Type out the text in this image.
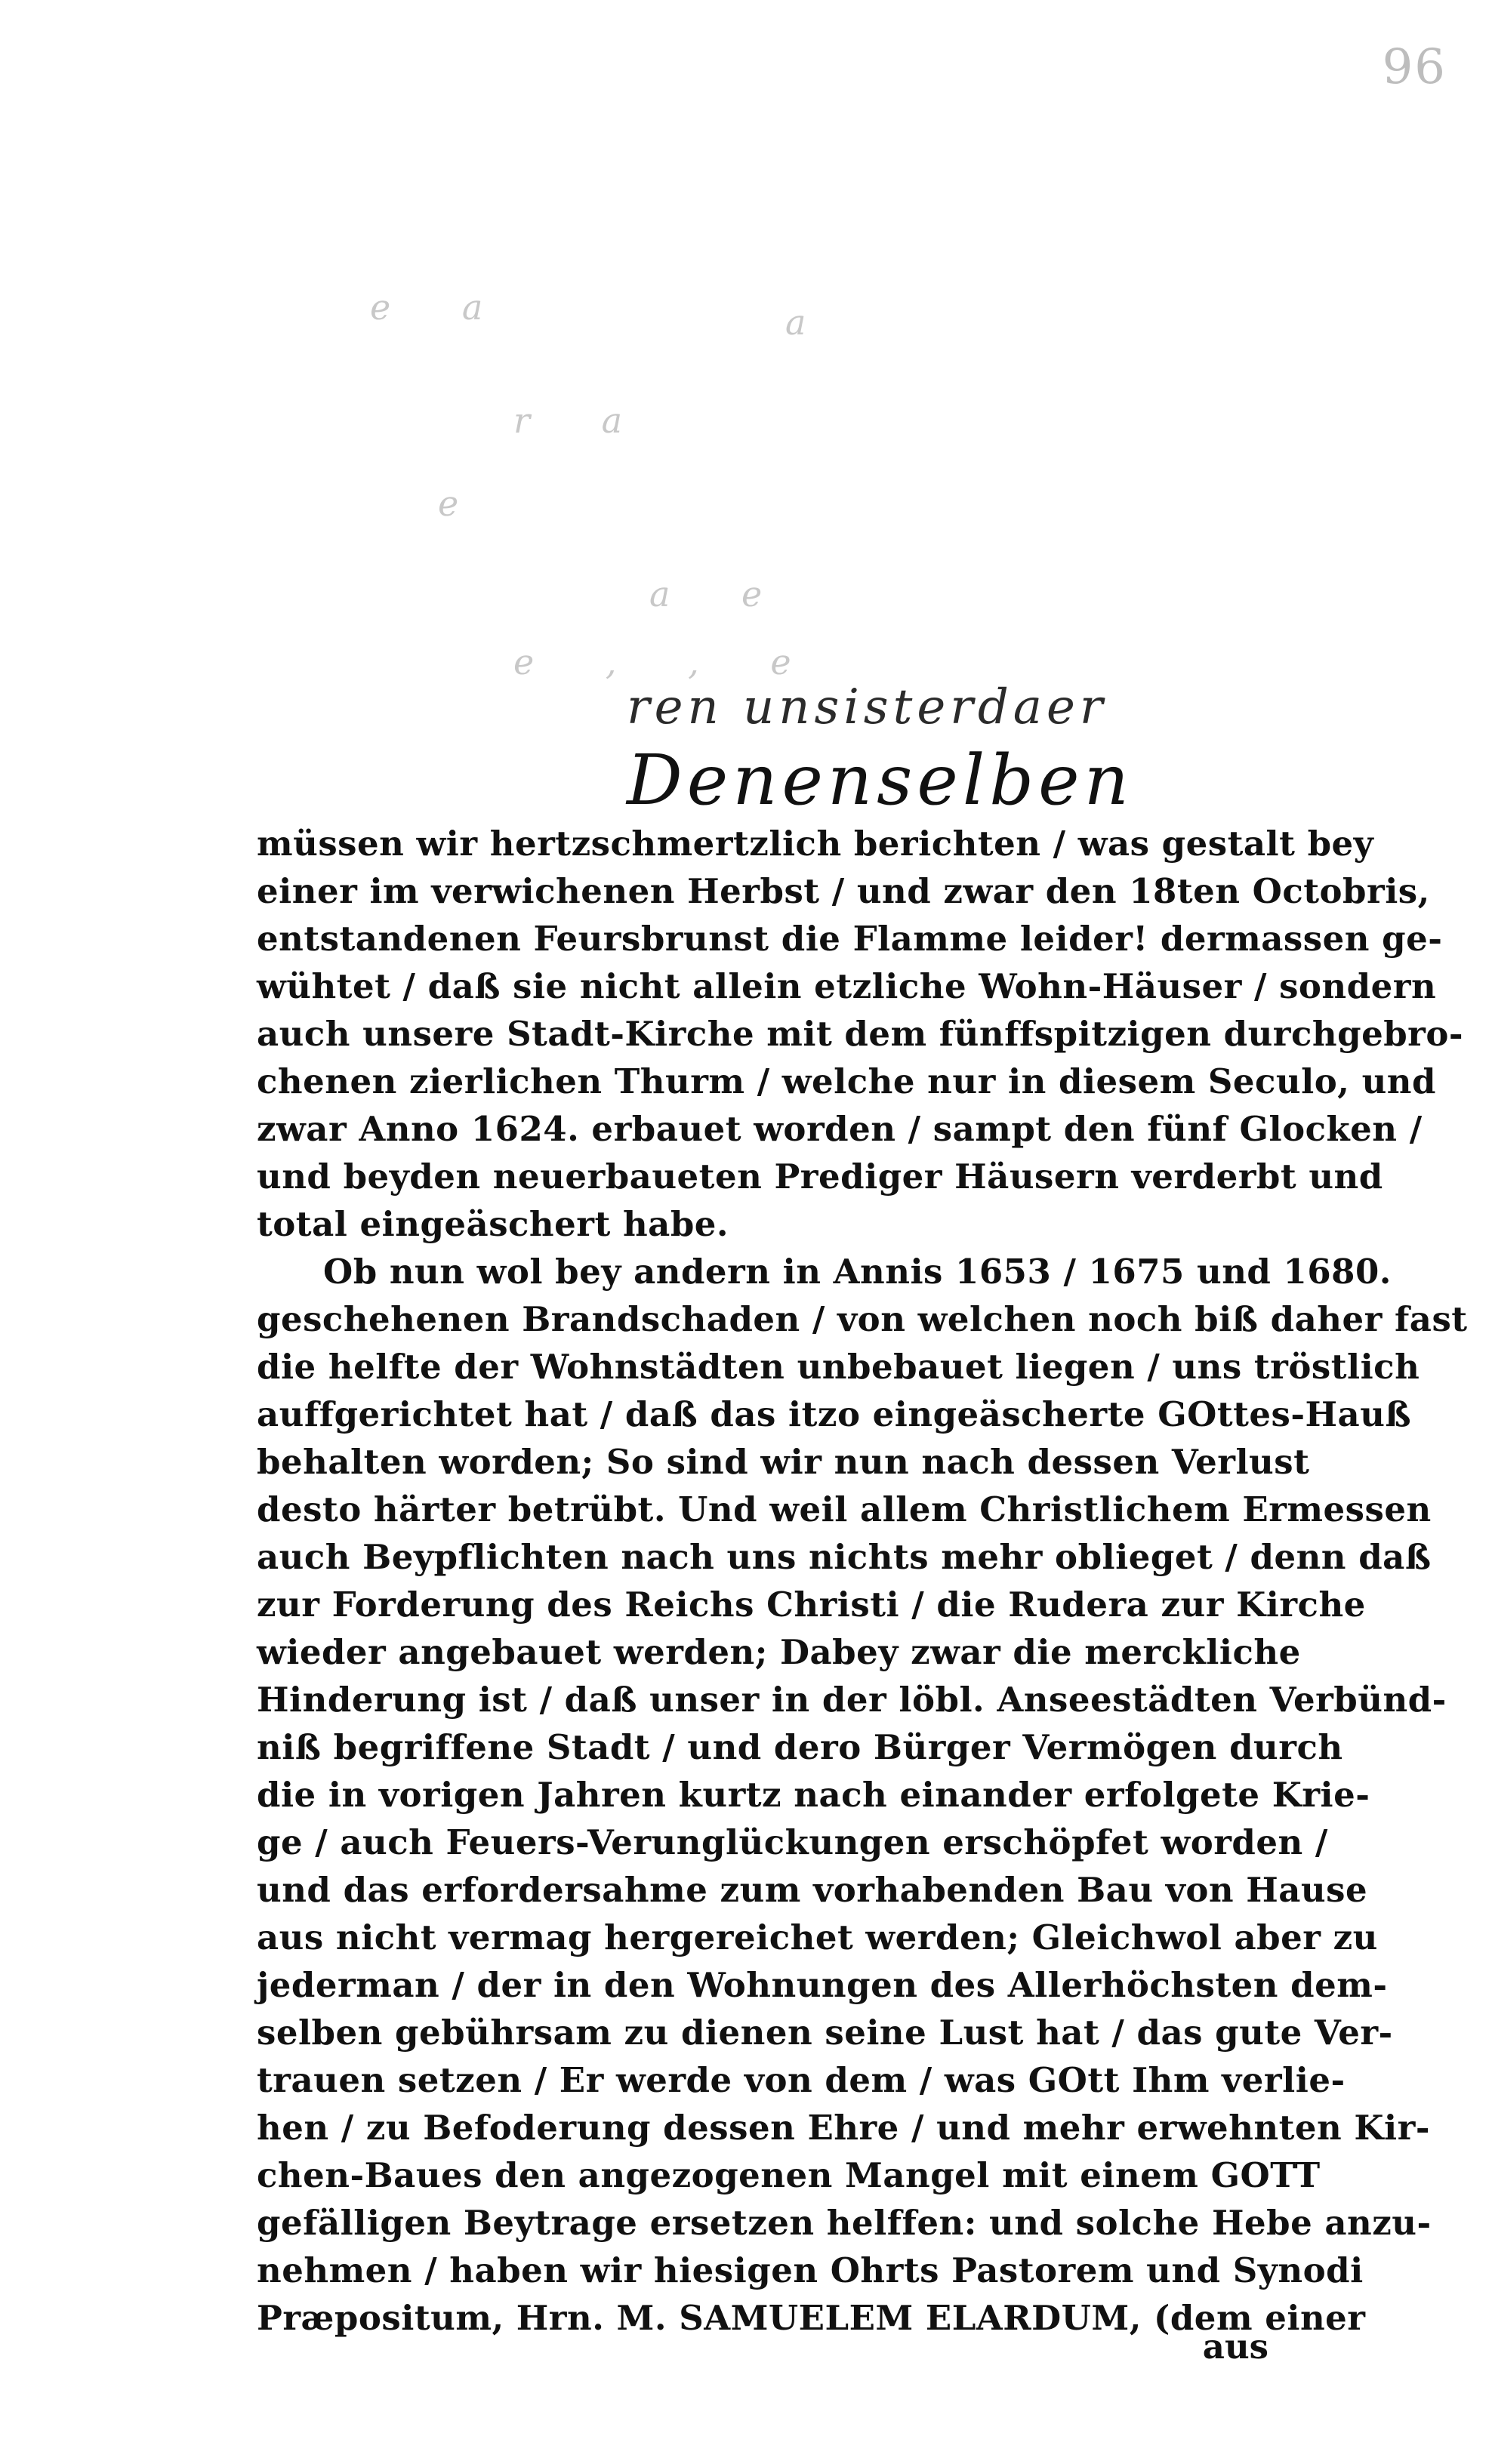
96
e a	a
r a
e
a e
e , , e
ren unsisterdaer
Denenselben
müssen wir hertzschmertzlich berichten / was gestalt bey
einer im verwichenen Herbst / und zwar den 18ten Octobris,
entstandenen Feursbrunst die Flamme leider! dermassen ge-
wühtet / daß sie nicht allein etzliche Wohn-Häuser / sondern
auch unsere Stadt-Kirche mit dem fünffspitzigen durchgebro-
chenen zierlichen Thurm / welche nur in diesem Seculo, und
zwar Anno 1624. erbauet worden / sampt den fünf Glocken /
und beyden neuerbaueten Prediger Häusern verderbt und
total eingeäschert habe.
Ob nun wol bey andern in Annis 1653 / 1675 und 1680.
geschehenen Brandschaden / von welchen noch biß daher fast
die helfte der Wohnstädten unbebauet liegen / uns tröstlich
auffgerichtet hat / daß das itzo eingeäscherte GOttes-Hauß
behalten worden; So sind wir nun nach dessen Verlust
desto härter betrübt. Und weil allem Christlichem Ermessen
auch Beypflichten nach uns nichts mehr oblieget / denn daß
zur Forderung des Reichs Christi / die Rudera zur Kirche
wieder angebauet werden; Dabey zwar die merckliche
Hinderung ist / daß unser in der löbl. Anseestädten Verbünd-
niß begriffene Stadt / und dero Bürger Vermögen durch
die in vorigen Jahren kurtz nach einander erfolgete Krie-
ge / auch Feuers-Verunglückungen erschöpfet worden /
und das erfordersahme zum vorhabenden Bau von Hause
aus nicht vermag hergereichet werden; Gleichwol aber zu
jederman / der in den Wohnungen des Allerhöchsten dem-
selben gebührsam zu dienen seine Lust hat / das gute Ver-
trauen setzen / Er werde von dem / was GOtt Ihm verlie-
hen / zu Befoderung dessen Ehre / und mehr erwehnten Kir-
chen-Baues den angezogenen Mangel mit einem GOTT
gefälligen Beytrage ersetzen helffen: und solche Hebe anzu-
nehmen / haben wir hiesigen Ohrts Pastorem und Synodi
Præpositum, Hrn. M. SAMUELEM ELARDUM, (dem einer
aus
